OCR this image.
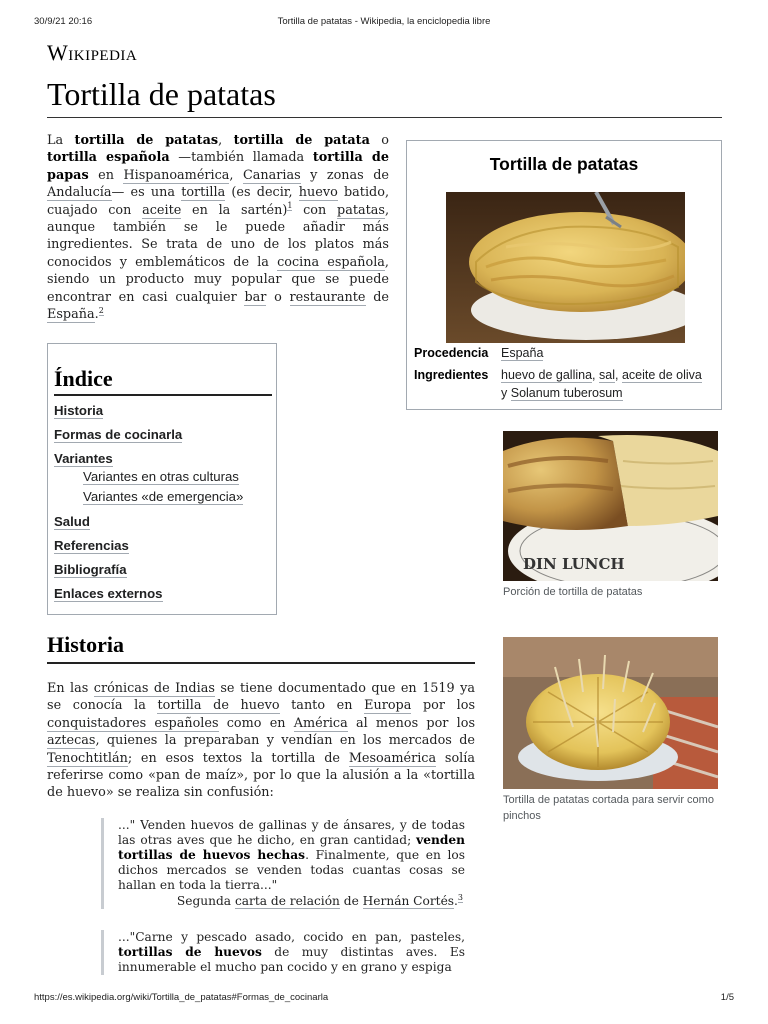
30/9/21 20:16	Tortilla de patatas - Wikipedia, la enciclopedia libre
Wikipedia
Tortilla de patatas

La tortilla de patatas, tortilla de patata o tortilla española —también llamada tortilla de papas en Hispanoamérica, Canarias y zonas de Andalucía— es una tortilla (es decir, huevo batido, cuajado con aceite en la sartén)$^1$ con patatas, aunque también se le puede añadir más ingredientes. Se trata de uno de los platos más conocidos y emblemáticos de la cocina española, siendo un producto muy popular que se puede encontrar en casi cualquier bar o restaurante de España.$^2$

Tortilla de patatas
Procedencia	España
Ingredientes	huevo de gallina, sal, aceite de oliva y Solanum tuberosum
Índice
Historia
Formas de cocinarla
Variantes
Variantes en otras culturas
Variantes «de emergencia»
Salud
Referencias
Bibliografía
Enlaces externos
DIN LUNCH
Porción de tortilla de patatas
Tortilla de patatas cortada para servir como pinchos
Historia

En las crónicas de Indias se tiene documentado que en 1519 ya se conocía la tortilla de huevo tanto en Europa por los conquistadores españoles como en América al menos por los aztecas, quienes la preparaban y vendían en los mercados de Tenochtitlán; en esos textos la tortilla de Mesoamérica solía referirse como «pan de maíz», por lo que la alusión a la «tortilla de huevo» se realiza sin confusión:

..." Venden huevos de gallinas y de ánsares, y de todas las otras aves que he dicho, en gran cantidad; venden tortillas de huevos hechas. Finalmente, que en los dichos mercados se venden todas cuantas cosas se hallan en toda la tierra..."
Segunda carta de relación de Hernán Cortés.$^3$
..."Carne y pescado asado, cocido en pan, pasteles, tortillas de huevos de muy distintas aves. Es innumerable el mucho pan cocido y en grano y espiga
https://es.wikipedia.org/wiki/Tortilla_de_patatas#Formas_de_cocinarla	1/5
